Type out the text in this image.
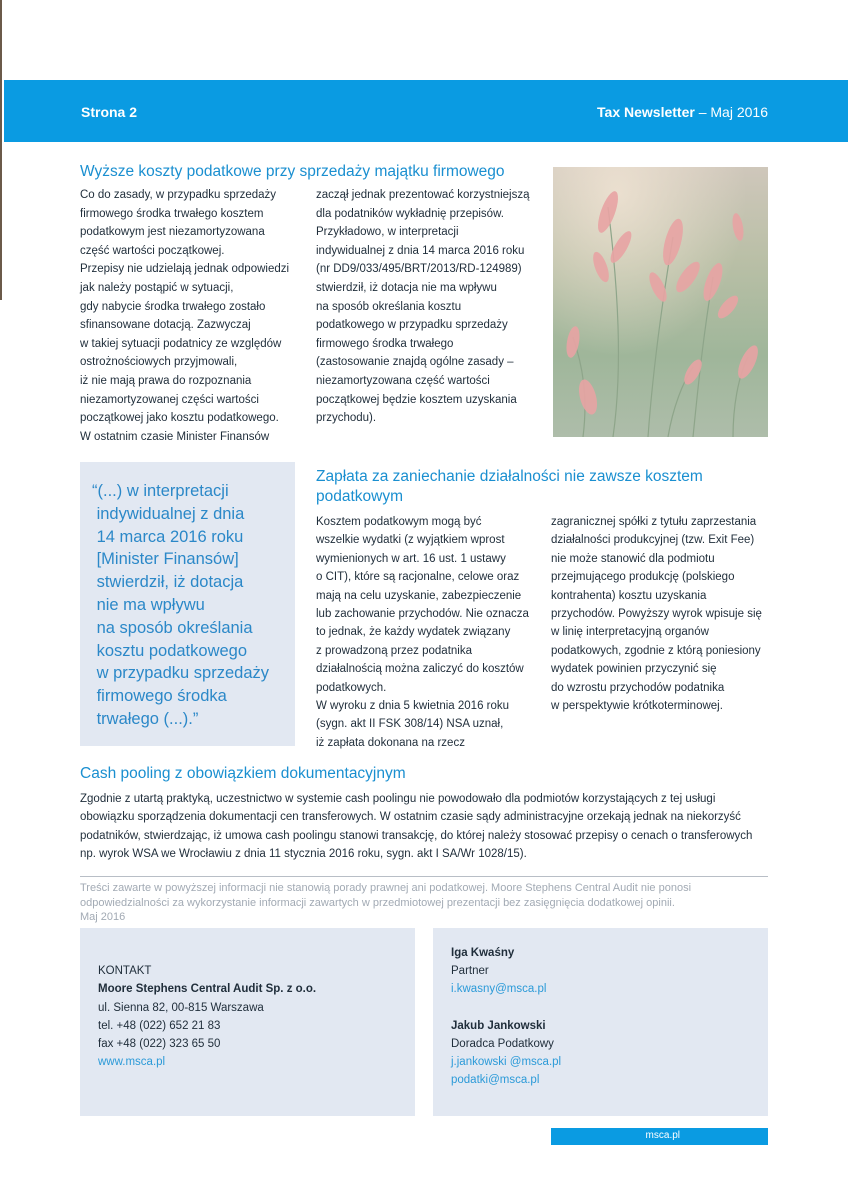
Strona 2	Tax Newsletter – Maj 2016
Wyższe koszty podatkowe przy sprzedaży majątku firmowego

Co do zasady, w przypadku sprzedaży

firmowego środka trwałego kosztem

podatkowym jest niezamortyzowana

część wartości początkowej.

Przepisy nie udzielają jednak odpowiedzi

jak należy postąpić w sytuacji,

gdy nabycie środka trwałego zostało

sfinansowane dotacją. Zazwyczaj

w takiej sytuacji podatnicy ze względów

ostrożnościowych przyjmowali,

iż nie mają prawa do rozpoznania

niezamortyzowanej części wartości

początkowej jako kosztu podatkowego.

W ostatnim czasie Minister Finansów

zaczął jednak prezentować korzystniejszą

dla podatników wykładnię przepisów.

Przykładowo, w interpretacji

indywidualnej z dnia 14 marca 2016 roku

(nr DD9/033/495/BRT/2013/RD-124989)

stwierdził, iż dotacja nie ma wpływu

na sposób określania kosztu

podatkowego w przypadku sprzedaży

firmowego środka trwałego

(zastosowanie znajdą ogólne zasady –

niezamortyzowana część wartości

początkowej będzie kosztem uzyskania

przychodu).

“(...) w interpretacji
indywidualnej z dnia
14 marca 2016 roku
[Minister Finansów]
stwierdził, iż dotacja
nie ma wpływu
na sposób określania
kosztu podatkowego
w przypadku sprzedaży
firmowego środka
trwałego (...).”
Zapłata za zaniechanie działalności nie zawsze kosztem
podatkowym

Kosztem podatkowym mogą być

wszelkie wydatki (z wyjątkiem wprost

wymienionych w art. 16 ust. 1 ustawy

o CIT), które są racjonalne, celowe oraz

mają na celu uzyskanie, zabezpieczenie

lub zachowanie przychodów. Nie oznacza

to jednak, że każdy wydatek związany

z prowadzoną przez podatnika

działalnością można zaliczyć do kosztów

podatkowych.

W wyroku z dnia 5 kwietnia 2016 roku

(sygn. akt II FSK 308/14) NSA uznał,

iż zapłata dokonana na rzecz

zagranicznej spółki z tytułu zaprzestania

działalności produkcyjnej (tzw. Exit Fee)

nie może stanowić dla podmiotu

przejmującego produkcję (polskiego

kontrahenta) kosztu uzyskania

przychodów. Powyższy wyrok wpisuje się

w linię interpretacyjną organów

podatkowych, zgodnie z którą poniesiony

wydatek powinien przyczynić się

do wzrostu przychodów podatnika

w perspektywie krótkoterminowej.

Cash pooling z obowiązkiem dokumentacyjnym
Zgodnie z utartą praktyką, uczestnictwo w systemie cash poolingu nie powodowało dla podmiotów korzystających z tej usługi
obowiązku sporządzenia dokumentacji cen transferowych. W ostatnim czasie sądy administracyjne orzekają jednak na niekorzyść
podatników, stwierdzając, iż umowa cash poolingu stanowi transakcję, do której należy stosować przepisy o cenach o transferowych
np. wyrok WSA we Wrocławiu z dnia 11 stycznia 2016 roku, sygn. akt I SA/Wr 1028/15).
Treści zawarte w powyższej informacji nie stanowią porady prawnej ani podatkowej. Moore Stephens Central Audit nie ponosi
odpowiedzialności za wykorzystanie informacji zawartych w przedmiotowej prezentacji bez zasięgnięcia dodatkowej opinii.
Maj 2016
KONTAKT
Moore Stephens Central Audit Sp. z o.o.
ul. Sienna 82, 00-815 Warszawa
tel. +48 (022) 652 21 83
fax +48 (022) 323 65 50
www.msca.pl
Iga Kwaśny
Partner
i.kwasny@msca.pl
Jakub Jankowski
Doradca Podatkowy
j.jankowski @msca.pl
podatki@msca.pl
msca.pl
